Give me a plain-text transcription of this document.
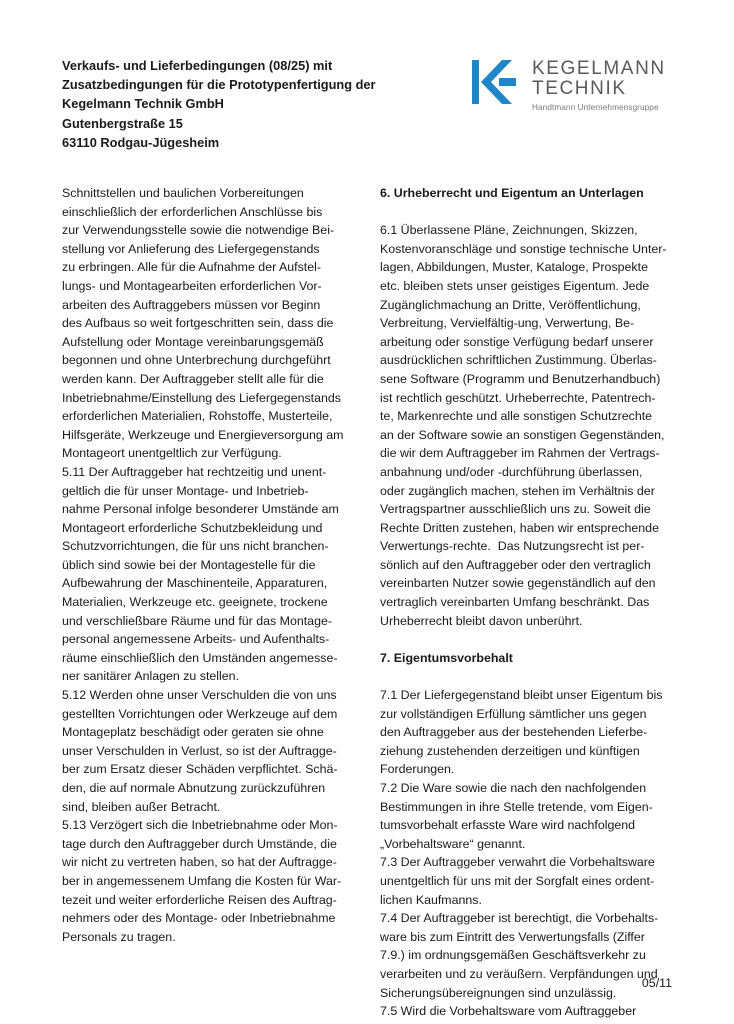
Verkaufs- und Lieferbedingungen (08/25) mit
Zusatzbedingungen für die Prototypenfertigung der
Kegelmann Technik GmbH
Gutenbergstraße 15
63110 Rodgau-Jügesheim
KEGELMANN
TECHNIK
Handtmann Unternehmensgruppe

Schnittstellen und baulichen Vorbereitungen

einschließlich der erforderlichen Anschlüsse bis

zur Verwendungsstelle sowie die notwendige Bei-

stellung vor Anlieferung des Liefergegenstands

zu erbringen. Alle für die Aufnahme der Aufstel-

lungs- und Montagearbeiten erforderlichen Vor-

arbeiten des Auftraggebers müssen vor Beginn

des Aufbaus so weit fortgeschritten sein, dass die

Aufstellung oder Montage vereinbarungsgemäß

begonnen und ohne Unterbrechung durchgeführt

werden kann. Der Auftraggeber stellt alle für die

Inbetriebnahme/Einstellung des Liefergegenstands

erforderlichen Materialien, Rohstoffe, Musterteile,

Hilfsgeräte, Werkzeuge und Energieversorgung am

Montageort unentgeltlich zur Verfügung.

5.11 Der Auftraggeber hat rechtzeitig und unent-

geltlich die für unser Montage- und Inbetrieb-

nahme Personal infolge besonderer Umstände am

Montageort erforderliche Schutzbekleidung und

Schutzvorrichtungen, die für uns nicht branchen-

üblich sind sowie bei der Montagestelle für die

Aufbewahrung der Maschinenteile, Apparaturen,

Materialien, Werkzeuge etc. geeignete, trockene

und verschließbare Räume und für das Montage-

personal angemessene Arbeits- und Aufenthalts-

räume einschließlich den Umständen angemesse-

ner sanitärer Anlagen zu stellen.

5.12 Werden ohne unser Verschulden die von uns

gestellten Vorrichtungen oder Werkzeuge auf dem

Montageplatz beschädigt oder geraten sie ohne

unser Verschulden in Verlust, so ist der Auftragge-

ber zum Ersatz dieser Schäden verpflichtet. Schä-

den, die auf normale Abnutzung zurückzuführen

sind, bleiben außer Betracht.

5.13 Verzögert sich die Inbetriebnahme oder Mon-

tage durch den Auftraggeber durch Umstände, die

wir nicht zu vertreten haben, so hat der Auftragge-

ber in angemessenem Umfang die Kosten für War-

tezeit und weiter erforderliche Reisen des Auftrag-

nehmers oder des Montage- oder Inbetriebnahme

Personals zu tragen.

6. Urheberrecht und Eigentum an Unterlagen

6.1 Überlassene Pläne, Zeichnungen, Skizzen,

Kostenvoranschläge und sonstige technische Unter-

lagen, Abbildungen, Muster, Kataloge, Prospekte

etc. bleiben stets unser geistiges Eigentum. Jede

Zugänglichmachung an Dritte, Veröffentlichung,

Verbreitung, Vervielfältig-ung, Verwertung, Be-

arbeitung oder sonstige Verfügung bedarf unserer

ausdrücklichen schriftlichen Zustimmung. Überlas-

sene Software (Programm und Benutzerhandbuch)

ist rechtlich geschützt. Urheberrechte, Patentrech-

te, Markenrechte und alle sonstigen Schutzrechte

an der Software sowie an sonstigen Gegenständen,

die wir dem Auftraggeber im Rahmen der Vertrags-

anbahnung und/oder -durchführung überlassen,

oder zugänglich machen, stehen im Verhältnis der

Vertragspartner ausschließlich uns zu. Soweit die

Rechte Dritten zustehen, haben wir entsprechende

Verwertungs-rechte.  Das Nutzungsrecht ist per-

sönlich auf den Auftraggeber oder den vertraglich

vereinbarten Nutzer sowie gegenständlich auf den

vertraglich vereinbarten Umfang beschränkt. Das

Urheberrecht bleibt davon unberührt.

7. Eigentumsvorbehalt

7.1 Der Liefergegenstand bleibt unser Eigentum bis

zur vollständigen Erfüllung sämtlicher uns gegen

den Auftraggeber aus der bestehenden Lieferbe-

ziehung zustehenden derzeitigen und künftigen

Forderungen.

7.2 Die Ware sowie die nach den nachfolgenden

Bestimmungen in ihre Stelle tretende, vom Eigen-

tumsvorbehalt erfasste Ware wird nachfolgend

„Vorbehaltsware“ genannt.

7.3 Der Auftraggeber verwahrt die Vorbehaltsware

unentgeltlich für uns mit der Sorgfalt eines ordent-

lichen Kaufmanns.

7.4 Der Auftraggeber ist berechtigt, die Vorbehalts-

ware bis zum Eintritt des Verwertungsfalls (Ziffer

7.9.) im ordnungsgemäßen Geschäftsverkehr zu

verarbeiten und zu veräußern. Verpfändungen und

Sicherungsübereignungen sind unzulässig.

7.5 Wird die Vorbehaltsware vom Auftraggeber

05/11
